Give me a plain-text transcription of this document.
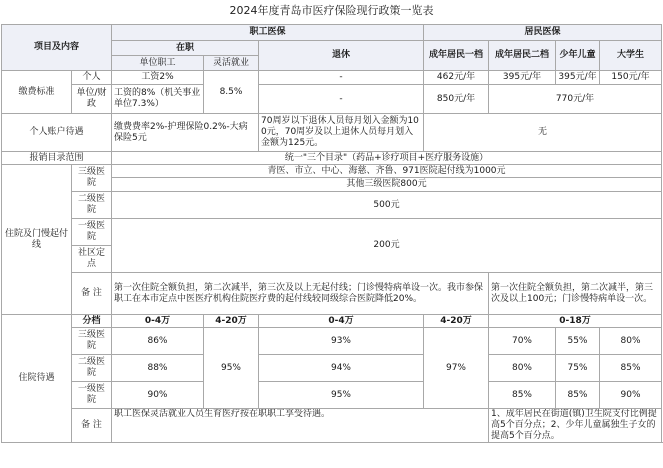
2024年度青岛市医疗保险现行政策一览表
项目及内容		职工医保			居民医保			
		在职		退休	成年居民一档	成年居民二档	少年儿童	大学生
		单位职工	灵活就业					
缴费标准	个人	工资2%	8.5%	-	462元/年	395元/年	395元/年	150元/年
	单位/财政	工资的8%（机关事业单位7.3%）		-	850元/年	770元/年		
个人账户待遇		缴费费率2%-护理保险0.2%-大病保险5元		70周岁以下退休人员每月划入金额为100元，70周岁及以上退休人员每月划入金额为125元。	无			
报销目录范围		统一"三个目录"（药品+诊疗项目+医疗服务设施）						
住院及门慢起付线	三级医院	青医、市立、中心、海慈、齐鲁、971医院起付线为1000元						
		其他三级医院800元						
	二级医院	500元						
	一级医院	200元						
	社区定点							
	备 注	第一次住院全额负担，第二次减半，第三次及以上无起付线；门诊慢特病单设一次。我市参保职工在本市定点中医医疗机构住院医疗费的起付线较同级综合医院降低20%。				第一次住院全额负担，第二次减半，第三次及以上100元；门诊慢特病单设一次。		

住院待遇	分档	0-4万	4-20万	0-4万	4-20万	0-18万		
	三级医院	86%	95%	93%	97%	70%	55%	80%
	二级医院	88%		94%		80%	75%	85%
	一级医院	90%		95%		85%	85%	90%
	备 注	职工医保灵活就业人员生育医疗按在职职工享受待遇。				1、成年居民在街道(镇)卫生院支付比例提高5个百分点；2、少年儿童属独生子女的提高5个百分点。		
